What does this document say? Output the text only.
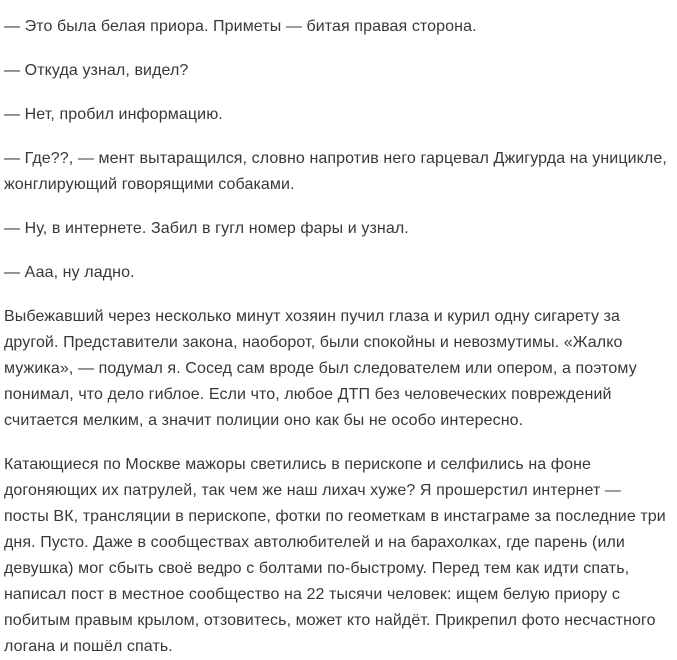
— Это была белая приора. Приметы — битая правая сторона.

— Откуда узнал, видел?

— Нет, пробил информацию.

— Где??, — мент вытаращился, словно напротив него гарцевал Джигурда на уницикле, жонглирующий говорящими собаками.

— Ну, в интернете. Забил в гугл номер фары и узнал.

— Ааа, ну ладно.

Выбежавший через несколько минут хозяин пучил глаза и курил одну сигарету за другой. Представители закона, наоборот, были спокойны и невозмутимы. «Жалко мужика», — подумал я. Сосед сам вроде был следователем или опером, а поэтому понимал, что дело гиблое. Если что, любое ДТП без человеческих повреждений считается мелким, а значит полиции оно как бы не особо интересно.

Катающиеся по Москве мажоры светились в перископе и селфились на фоне догоняющих их патрулей, так чем же наш лихач хуже? Я прошерстил интернет — посты ВК, трансляции в перископе, фотки по геометкам в инстаграме за последние три дня. Пусто. Даже в сообществах автолюбителей и на барахолках, где парень (или девушка) мог сбыть своё ведро с болтами по-быстрому. Перед тем как идти спать, написал пост в местное сообщество на 22 тысячи человек: ищем белую приору с побитым правым крылом, отзовитесь, может кто найдёт. Прикрепил фото несчастного логана и пошёл спать.
